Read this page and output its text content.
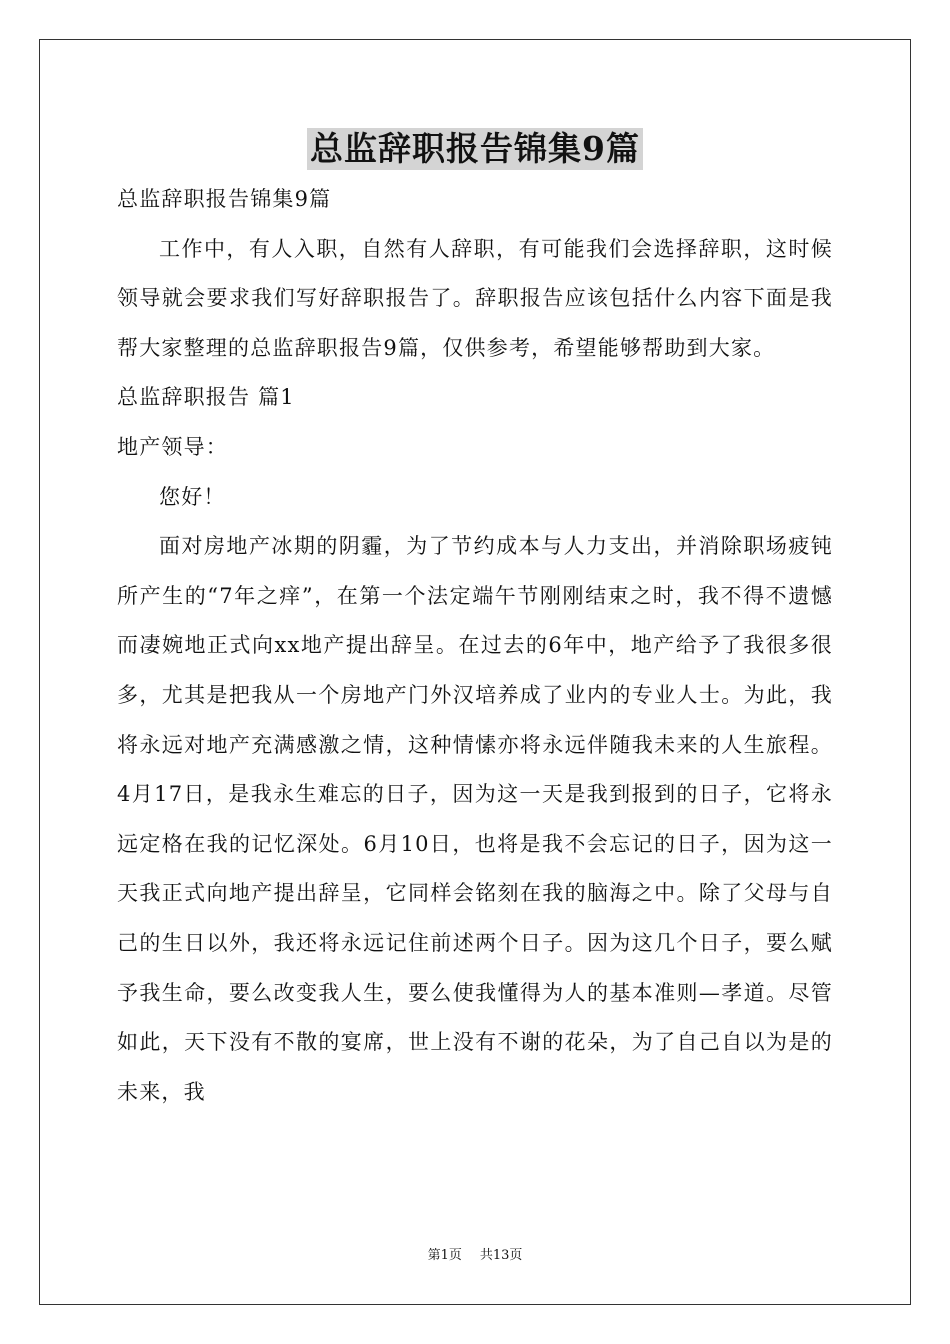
总监辞职报告锦集9篇

总监辞职报告锦集9篇

工作中，有人入职，自然有人辞职，有可能我们会选择辞职，这时候领导就会要求我们写好辞职报告了。辞职报告应该包括什么内容下面是我帮大家整理的总监辞职报告9篇，仅供参考，希望能够帮助到大家。

总监辞职报告 篇1

地产领导：

您好！

面对房地产冰期的阴霾，为了节约成本与人力支出，并消除职场疲钝所产生的“7年之痒”，在第一个法定端午节刚刚结束之时，我不得不遗憾而凄婉地正式向xx地产提出辞呈。在过去的6年中，地产给予了我很多很多，尤其是把我从一个房地产门外汉培养成了业内的专业人士。为此，我将永远对地产充满感激之情，这种情愫亦将永远伴随我未来的人生旅程。4月17日，是我永生难忘的日子，因为这一天是我到报到的日子，它将永远定格在我的记忆深处。6月10日，也将是我不会忘记的日子，因为这一天我正式向地产提出辞呈，它同样会铭刻在我的脑海之中。除了父母与自己的生日以外，我还将永远记住前述两个日子。因为这几个日子，要么赋予我生命，要么改变我人生，要么使我懂得为人的基本准则—孝道。尽管如此，天下没有不散的宴席，世上没有不谢的花朵，为了自己自以为是的未来，我

第1页 共13页
